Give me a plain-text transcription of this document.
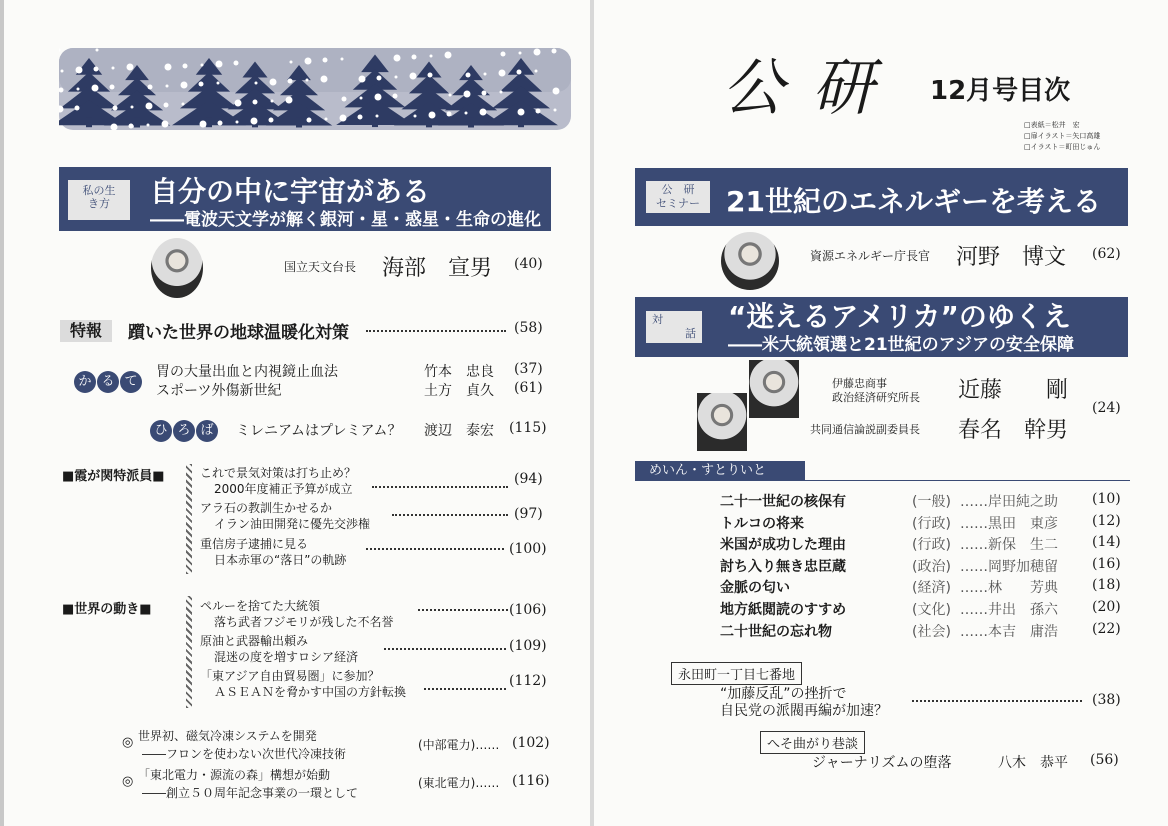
私の生き方	自分の中に宇宙がある
――電波天文学が解く銀河・星・惑星・生命の進化
国立天文台長 海部　宣男 (40)
特報	躓いた世界の地球温暖化対策	(58)
か る て
胃の大量出血と内視鏡止血法	竹本　忠良 (37)
スポーツ外傷新世紀	土方　貞久 (61)
ひ ろ ば	ミレニアムはプレミアム？ 渡辺　泰宏 (115)
■霞が関特派員■	これで景気対策は打ち止め？
2000年度補正予算が成立
(94)
アラ石の教訓生かせるか
イラン油田開発に優先交渉権
(97)
重信房子逮捕に見る
日本赤軍の“落日”の軌跡
(100)
■世界の動き■	ペルーを捨てた大統領
落ち武者フジモリが残した不名誉
(106)
原油と武器輸出頼み
混迷の度を増すロシア経済
(109)
「東アジア自由貿易圏」に参加？
ＡＳＥＡＮを脅かす中国の方針転換
(112)
◎ 世界初、磁気冷凍システムを開発
――フロンを使わない次世代冷凍技術
(中部電力)…… (102)
◎ 「東北電力・源流の森」構想が始動
――創立５０周年記念事業の一環として
(東北電力)…… (116)
公 研 12月号目次
□表紙＝松井　宏
□扉イラスト＝矢口高雄
□イラスト＝町田じゅん
公　研
セミナー 21世紀のエネルギーを考える
資源エネルギー庁長官 河野　博文 (62)
対
話
“迷えるアメリカ”のゆくえ
――米大統領選と21世紀のアジアの安全保障
伊藤忠商事
政治経済研究所長 近藤　　剛
共同通信論説副委員長 春名　幹男
(24)
めいん・すとりいと
二十一世紀の核保有	(一般) ……岸田純之助 (10)
トルコの将来	(行政) ……黒田　東彦 (12)
米国が成功した理由	(行政) ……新保　生二 (14)
討ち入り無き忠臣蔵	(政治) ……岡野加穂留 (16)
金脈の匂い	(経済) ……林　　芳典 (18)
地方紙閲読のすすめ	(文化) ……井出　孫六 (20)
二十世紀の忘れ物	(社会) ……本吉　庸浩 (22)
永田町一丁目七番地
“加藤反乱”の挫折で
自民党の派閥再編が加速？
(38)
へそ曲がり巷談
ジャーナリズムの堕落	八木　恭平 (56)
